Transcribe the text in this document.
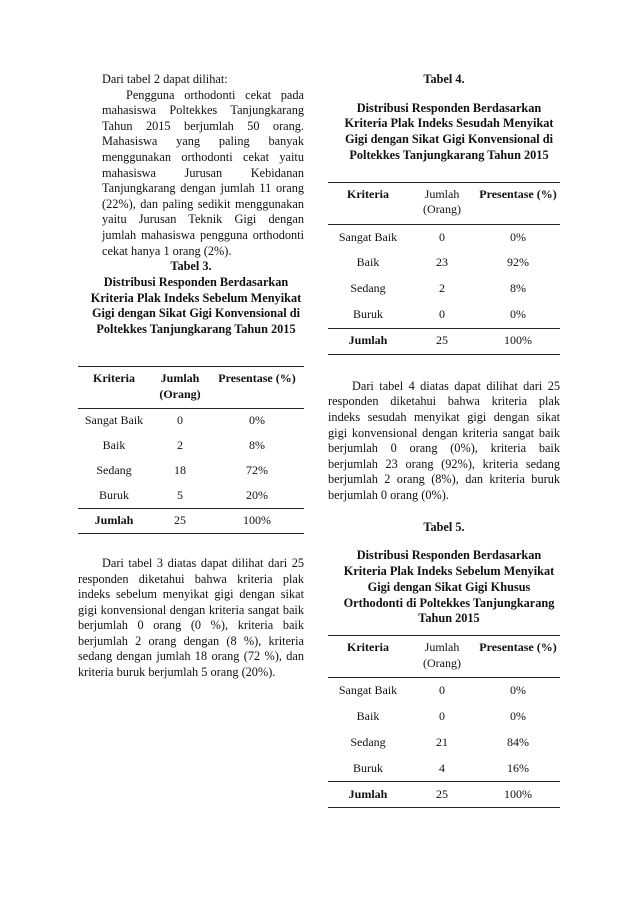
Dari tabel 2 dapat dilihat:

Pengguna orthodonti cekat pada mahasiswa Poltekkes Tanjungkarang Tahun 2015 berjumlah 50 orang. Mahasiswa yang paling banyak menggunakan orthodonti cekat yaitu mahasiswa Jurusan Kebidanan Tanjungkarang dengan jumlah 11 orang (22%), dan paling sedikit menggunakan yaitu Jurusan Teknik Gigi dengan jumlah mahasiswa pengguna orthodonti cekat hanya 1 orang (2%).

Tabel 3.

Distribusi Responden Berdasarkan Kriteria Plak Indeks Sebelum Menyikat Gigi dengan Sikat Gigi Konvensional di Poltekkes Tanjungkarang Tahun 2015

Kriteria	Jumlah (Orang)	Presentase (%)
Sangat Baik	0	0%
Baik	2	8%
Sedang	18	72%
Buruk	5	20%
Jumlah	25	100%

Dari tabel 3 diatas dapat dilihat dari 25 responden diketahui bahwa kriteria plak indeks sebelum menyikat gigi dengan sikat gigi konvensional dengan kriteria sangat baik berjumlah 0 orang (0 %), kriteria baik berjumlah 2 orang dengan (8 %), kriteria sedang dengan jumlah 18 orang (72 %), dan kriteria buruk berjumlah 5 orang (20%).

Tabel 4.

Distribusi Responden Berdasarkan Kriteria Plak Indeks Sesudah Menyikat Gigi dengan Sikat Gigi Konvensional di Poltekkes Tanjungkarang Tahun 2015

Kriteria	Jumlah (Orang)	Presentase (%)
Sangat Baik	0	0%
Baik	23	92%
Sedang	2	8%
Buruk	0	0%
Jumlah	25	100%

Dari tabel 4 diatas dapat dilihat dari 25 responden diketahui bahwa kriteria plak indeks sesudah menyikat gigi dengan sikat gigi konvensional dengan kriteria sangat baik berjumlah 0 orang (0%), kriteria baik berjumlah 23 orang (92%), kriteria sedang berjumlah 2 orang (8%), dan kriteria buruk berjumlah 0 orang (0%).

Tabel 5.

Distribusi Responden Berdasarkan Kriteria Plak Indeks Sebelum Menyikat Gigi dengan Sikat Gigi Khusus Orthodonti di Poltekkes Tanjungkarang Tahun 2015

Kriteria	Jumlah (Orang)	Presentase (%)
Sangat Baik	0	0%
Baik	0	0%
Sedang	21	84%
Buruk	4	16%
Jumlah	25	100%
